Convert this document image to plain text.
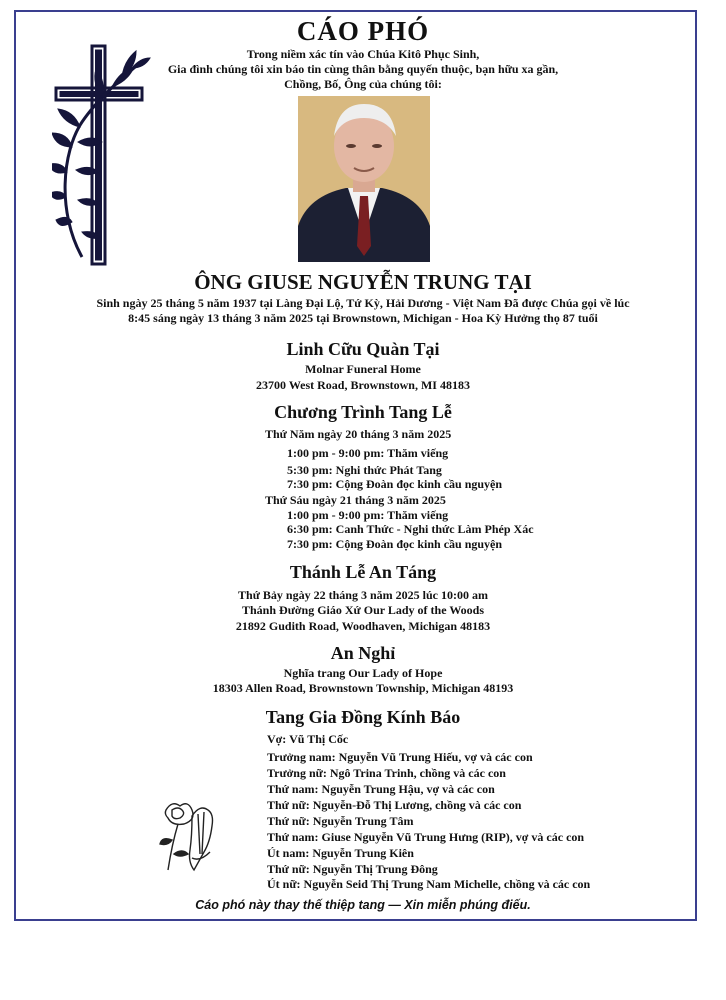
CÁO PHÓ
Trong niềm xác tín vào Chúa Kitô Phục Sinh,
Gia đình chúng tôi xin báo tin cùng thân bằng quyến thuộc, bạn hữu xa gần,
Chồng, Bố, Ông của chúng tôi:
ÔNG GIUSE NGUYỄN TRUNG TẠI
Sinh ngày 25 tháng 5 năm 1937 tại Làng Đại Lộ, Tứ Kỳ, Hải Dương - Việt Nam Đã được Chúa gọi về lúc
8:45 sáng ngày 13 tháng 3 năm 2025 tại Brownstown, Michigan - Hoa Kỳ Hưởng thọ 87 tuổi
Linh Cữu Quàn Tại
Molnar Funeral Home
23700 West Road, Brownstown, MI 48183
Chương Trình Tang Lễ
Thứ Năm ngày 20 tháng 3 năm 2025
1:00 pm - 9:00 pm: Thăm viếng
5:30 pm: Nghi thức Phát Tang
7:30 pm: Cộng Đoàn đọc kinh cầu nguyện
Thứ Sáu ngày 21 tháng 3 năm 2025
1:00 pm - 9:00 pm: Thăm viếng
6:30 pm: Canh Thức - Nghi thức Làm Phép Xác
7:30 pm: Cộng Đoàn đọc kinh cầu nguyện
Thánh Lễ An Táng
Thứ Bảy ngày 22 tháng 3 năm 2025 lúc 10:00 am
Thánh Đường Giáo Xứ Our Lady of the Woods
21892 Gudith Road, Woodhaven, Michigan 48183
An Nghỉ
Nghĩa trang Our Lady of Hope
18303 Allen Road, Brownstown Township, Michigan 48193
Tang Gia Đồng Kính Báo
Vợ: Vũ Thị Cốc
Trưởng nam: Nguyễn Vũ Trung Hiếu, vợ và các con
Trưởng nữ: Ngô Trina Trinh, chồng và các con
Thứ nam: Nguyễn Trung Hậu, vợ và các con
Thứ nữ: Nguyễn-Đỗ Thị Lương, chồng và các con
Thứ nữ: Nguyễn Trung Tâm
Thứ nam: Giuse Nguyễn Vũ Trung Hưng (RIP), vợ và các con
Út nam: Nguyễn Trung Kiên
Thứ nữ: Nguyễn Thị Trung Đông
Út nữ: Nguyễn Seid Thị Trung Nam Michelle, chồng và các con
Cáo phó này thay thế thiệp tang — Xin miễn phúng điếu.
